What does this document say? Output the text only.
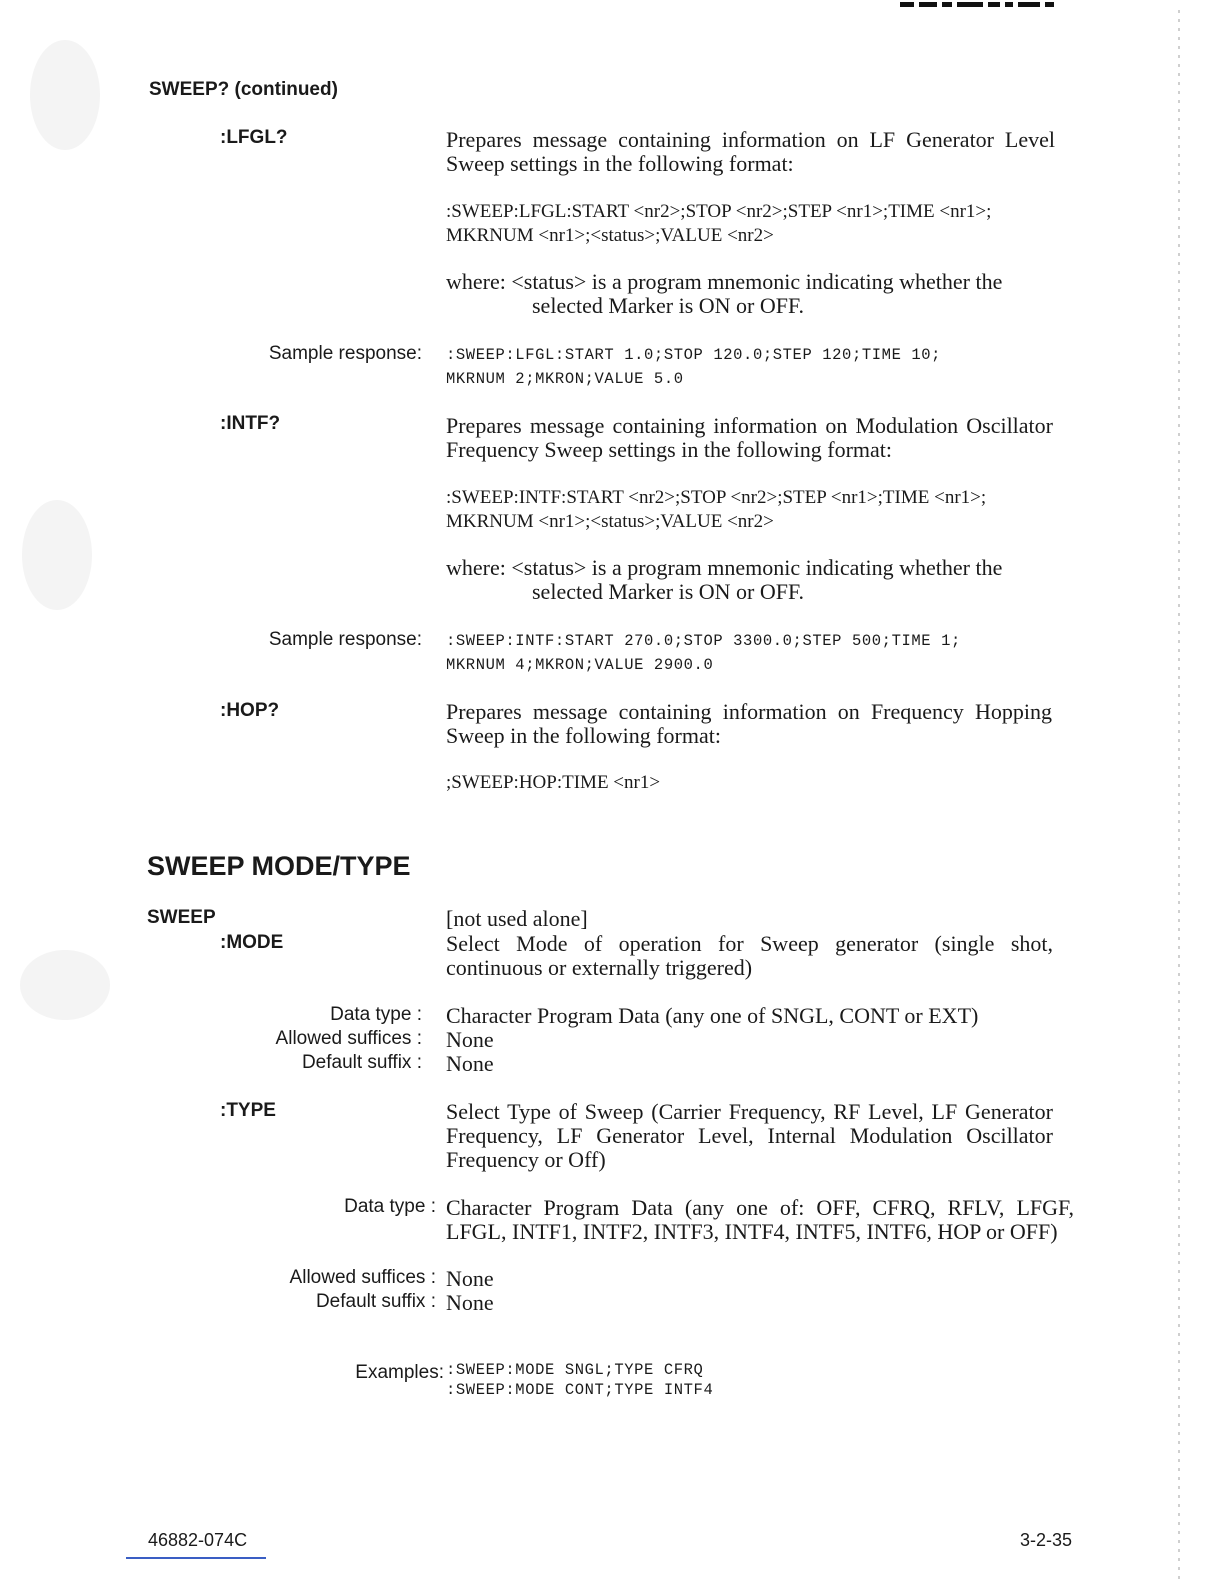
SWEEP? (continued)
:LFGL?	Prepares message containing information on LF Generator Level Sweep settings in the following format:
:SWEEP:LFGL:START <nr2>;STOP <nr2>;STEP <nr1>;TIME <nr1>;
MKRNUM <nr1>;<status>;VALUE <nr2>
where: <status> is a program mnemonic indicating whether the
selected Marker is ON or OFF.
Sample response: :SWEEP:LFGL:START 1.0;STOP 120.0;STEP 120;TIME 10;
MKRNUM 2;MKRON;VALUE 5.0
:INTF?	Prepares message containing information on Modulation Oscillator Frequency Sweep settings in the following format:
:SWEEP:INTF:START <nr2>;STOP <nr2>;STEP <nr1>;TIME <nr1>;
MKRNUM <nr1>;<status>;VALUE <nr2>
where: <status> is a program mnemonic indicating whether the
selected Marker is ON or OFF.
Sample response: :SWEEP:INTF:START 270.0;STOP 3300.0;STEP 500;TIME 1;
MKRNUM 4;MKRON;VALUE 2900.0
:HOP?	Prepares message containing information on Frequency Hopping Sweep in the following format:
;SWEEP:HOP:TIME <nr1>
SWEEP MODE/TYPE
SWEEP	[not used alone]
:MODE	Select Mode of operation for Sweep generator (single shot, continuous or externally triggered)
Data type : Character Program Data (any one of SNGL, CONT or EXT)
Allowed suffices : None
Default suffix : None
:TYPE	Select Type of Sweep (Carrier Frequency, RF Level, LF Generator Frequency, LF Generator Level, Internal Modulation Oscillator Frequency or Off)
Data type : Character Program Data (any one of: OFF, CFRQ, RFLV, LFGF, LFGL, INTF1, INTF2, INTF3, INTF4, INTF5, INTF6, HOP or OFF)
Allowed suffices : None
Default suffix : None
Examples: :SWEEP:MODE SNGL;TYPE CFRQ
:SWEEP:MODE CONT;TYPE INTF4
46882-074C	3-2-35
